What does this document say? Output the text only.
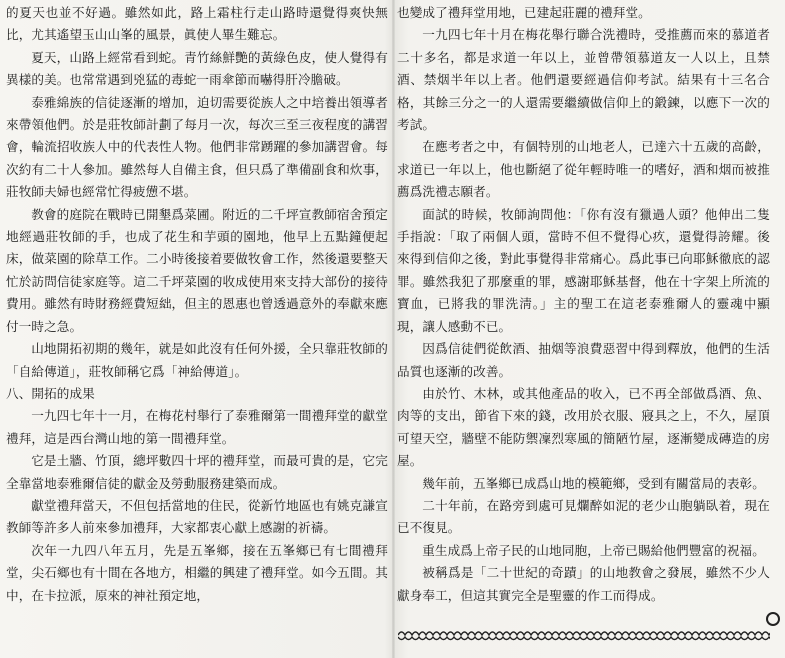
的夏天也並不好過。雖然如此，路上霜柱行走山路時還覺得爽快無比，尤其遙望玉山山峯的風景，眞使人畢生難忘。

夏天，山路上經常看到蛇。青竹絲鮮艷的黃綠色皮，使人覺得有異樣的美。也常常遇到兇猛的毒蛇一雨傘節而嚇得肝冷膽破。

泰雅綿族的信徒逐漸的增加，迫切需要從族人之中培養出領導者來帶領他們。於是莊牧師計劃了每月一次，每次三至三夜程度的講習會，輪流招收族人中的代表性人物。他們非常踴躍的參加講習會。每次約有二十人參加。雖然每人自備主食，但只爲了準備副食和炊事，莊牧師夫婦也經常忙得疲憊不堪。

教會的庭院在戰時已開墾爲菜圃。附近的二千坪宣教師宿舍預定地經過莊牧師的手，也成了花生和芋頭的園地，他早上五點鐘便起床，做菜園的除草工作。二小時後接着要做牧會工作，然後還要整天忙於訪問信徒家庭等。這二千坪菜園的收成使用來支持大部份的接待費用。雖然有時財務經費短絀，但主的恩惠也曾透過意外的奉獻來應付一時之急。

山地開拓初期的幾年，就是如此沒有任何外援，全只靠莊牧師的「自給傳道」，莊牧師稱它爲「神給傳道」。

八、開拓的成果

一九四七年十一月，在梅花村舉行了泰雅爾第一間禮拜堂的獻堂禮拜，這是西台灣山地的第一間禮拜堂。

它是土牆、竹頂，總坪數四十坪的禮拜堂，而最可貴的是，它完全靠當地泰雅爾信徒的獻金及勞動服務建築而成。

獻堂禮拜當天，不但包括當地的住民，從新竹地區也有姚克謙宣教師等許多人前來參加禮拜，大家都衷心獻上感謝的祈禱。

次年一九四八年五月，先是五峯鄉，接在五峯鄉已有七間禮拜堂，尖石鄉也有十間在各地方，相繼的興建了禮拜堂。如今五間。其中，在卡拉派，原來的神社預定地，

也變成了禮拜堂用地，已建起莊麗的禮拜堂。

一九四七年十月在梅花舉行聯合洗禮時，受推薦而來的慕道者二十多名，都是求道一年以上，並曾帶領慕道友一人以上，且禁酒、禁烟半年以上者。他們還要經過信仰考試。結果有十三名合格，其餘三分之一的人還需要繼續做信仰上的鍛鍊，以應下一次的考試。

在應考者之中，有個特別的山地老人，已達六十五歲的高齡，求道已一年以上，他也斷絕了從年輕時唯一的嗜好，酒和烟而被推薦爲洗禮志願者。

面試的時候，牧師詢問他：「你有沒有獵過人頭？他伸出二隻手指說：「取了兩個人頭，當時不但不覺得心疚，還覺得誇耀。後來得到信仰之後，對此事覺得非常痛心。爲此事已向耶穌徹底的認罪。雖然我犯了那麼重的罪，感謝耶穌基督，他在十字架上所流的寶血，已將我的罪洗淸。」主的聖工在這老泰雅爾人的靈魂中顯現，讓人感動不已。

因爲信徒們從飲酒、抽烟等浪費惡習中得到釋放，他們的生活品質也逐漸的改善。

由於竹、木林，或其他產品的收入，已不再全部做爲酒、魚、肉等的支出，節省下來的錢，改用於衣服、寢具之上，不久，屋頂可望天空，牆壁不能防禦凜烈寒風的簡陋竹屋，逐漸變成磚造的房屋。

幾年前，五峯鄉已成爲山地的模範鄉，受到有關當局的表彰。

二十年前，在路旁到處可見爛醉如泥的老少山胞躺臥着，現在已不復見。

重生成爲上帝子民的山地同胞，上帝已賜給他們豐富的祝福。

被稱爲是「二十世紀的奇蹟」的山地教會之發展，雖然不少人獻身奉工，但這其實完全是聖靈的作工而得成。
